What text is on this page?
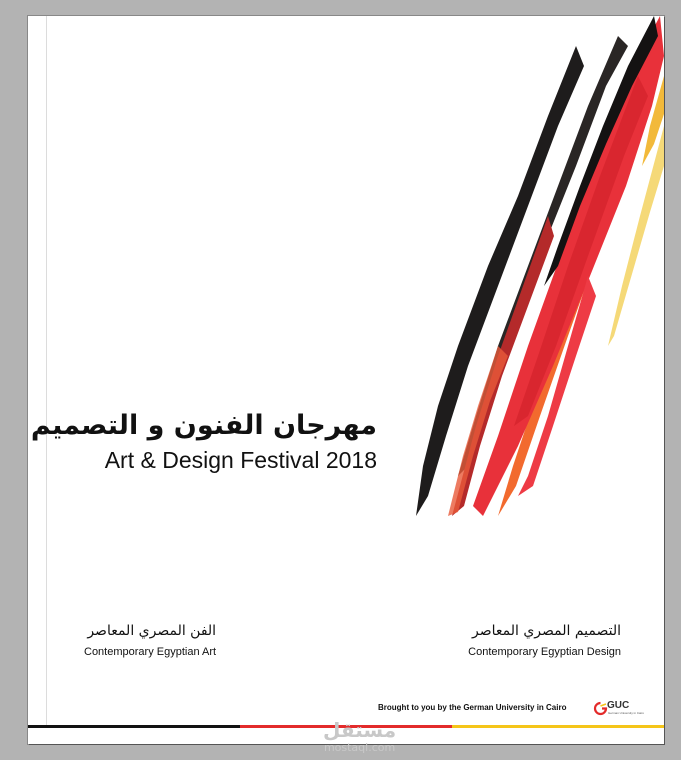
مهرجان الفنون و التصميم
Art & Design Festival 2018
الفن المصري المعاصر
Contemporary Egyptian Art
التصميم المصري المعاصر
Contemporary Egyptian Design
Brought to you by the German University in Cairo	GUC
German University in Cairo
مستقل
mostaql.com
